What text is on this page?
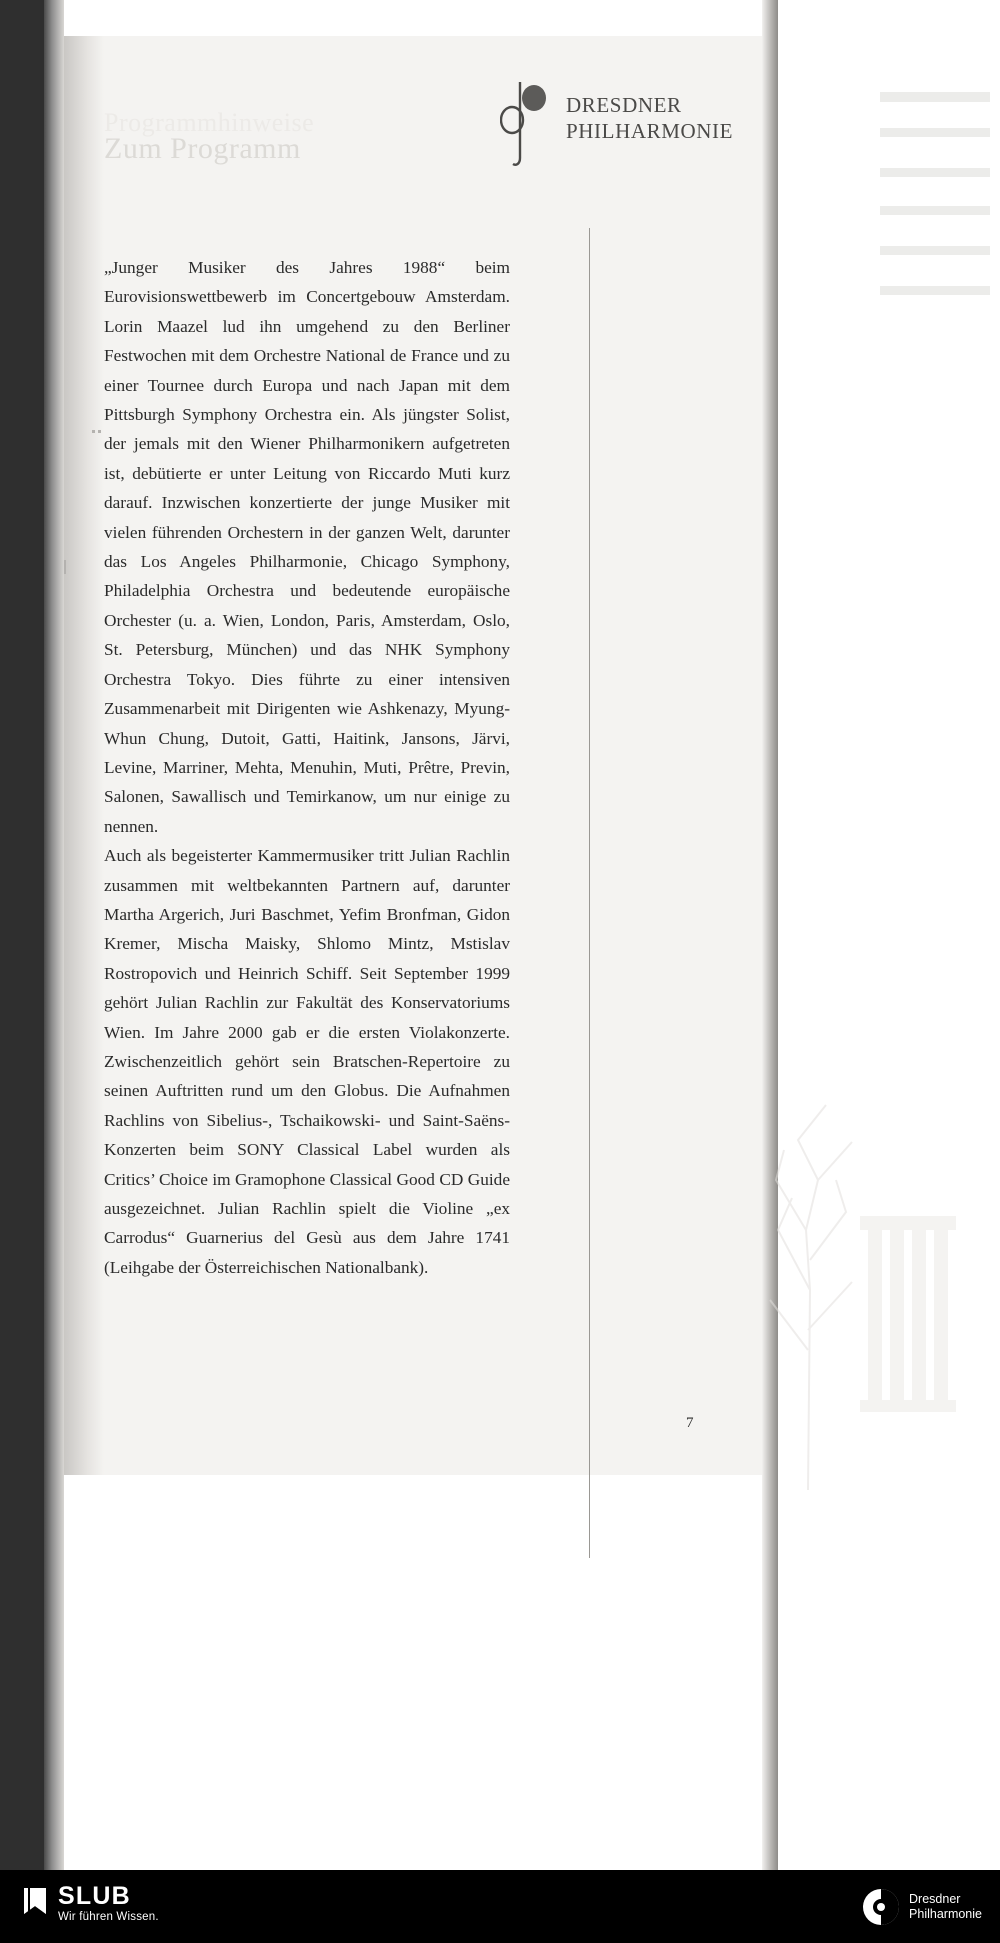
Programmhinweise
Zum Programm
DRESDNER
PHILHARMONIE

„Junger Musiker des Jahres 1988“ beim Eurovisionswettbewerb im Concertgebouw Amsterdam. Lorin Maazel lud ihn umgehend zu den Berliner Festwochen mit dem Orchestre National de France und zu einer Tournee durch Europa und nach Japan mit dem Pittsburgh Symphony Orchestra ein. Als jüngster Solist, der jemals mit den Wiener Philharmonikern aufgetreten ist, debütierte er unter Leitung von Riccardo Muti kurz darauf. Inzwischen konzertierte der junge Musiker mit vielen führenden Orchestern in der ganzen Welt, darunter das Los Angeles Philharmonie, Chicago Symphony, Philadelphia Orchestra und bedeutende europäische Orchester (u. a. Wien, London, Paris, Amsterdam, Oslo, St. Petersburg, München) und das NHK Symphony Orchestra Tokyo. Dies führte zu einer intensiven Zusammenarbeit mit Dirigenten wie Ashkenazy, Myung-Whun Chung, Dutoit, Gatti, Haitink, Jansons, Järvi, Levine, Marriner, Mehta, Menuhin, Muti, Prêtre, Previn, Salonen, Sawallisch und Temirkanow, um nur einige zu nennen.

Auch als begeisterter Kammermusiker tritt Julian Rachlin zusammen mit weltbekannten Partnern auf, darunter Martha Argerich, Juri Baschmet, Yefim Bronfman, Gidon Kremer, Mischa Maisky, Shlomo Mintz, Mstislav Rostropovich und Heinrich Schiff. Seit September 1999 gehört Julian Rachlin zur Fakultät des Konservatoriums Wien. Im Jahre 2000 gab er die ersten Violakonzerte. Zwischenzeitlich gehört sein Bratschen-Repertoire zu seinen Auftritten rund um den Globus. Die Aufnahmen Rachlins von Sibelius-, Tschaikowski- und Saint-Saëns-Konzerten beim SONY Classical Label wurden als Critics’ Choice im Gramophone Classical Good CD Guide ausgezeichnet. Julian Rachlin spielt die Violine „ex Carrodus“ Guarnerius del Gesù aus dem Jahre 1741 (Leihgabe der Österreichischen Nationalbank).

7
SLUB
Wir führen Wissen.
Dresdner
Philharmonie
